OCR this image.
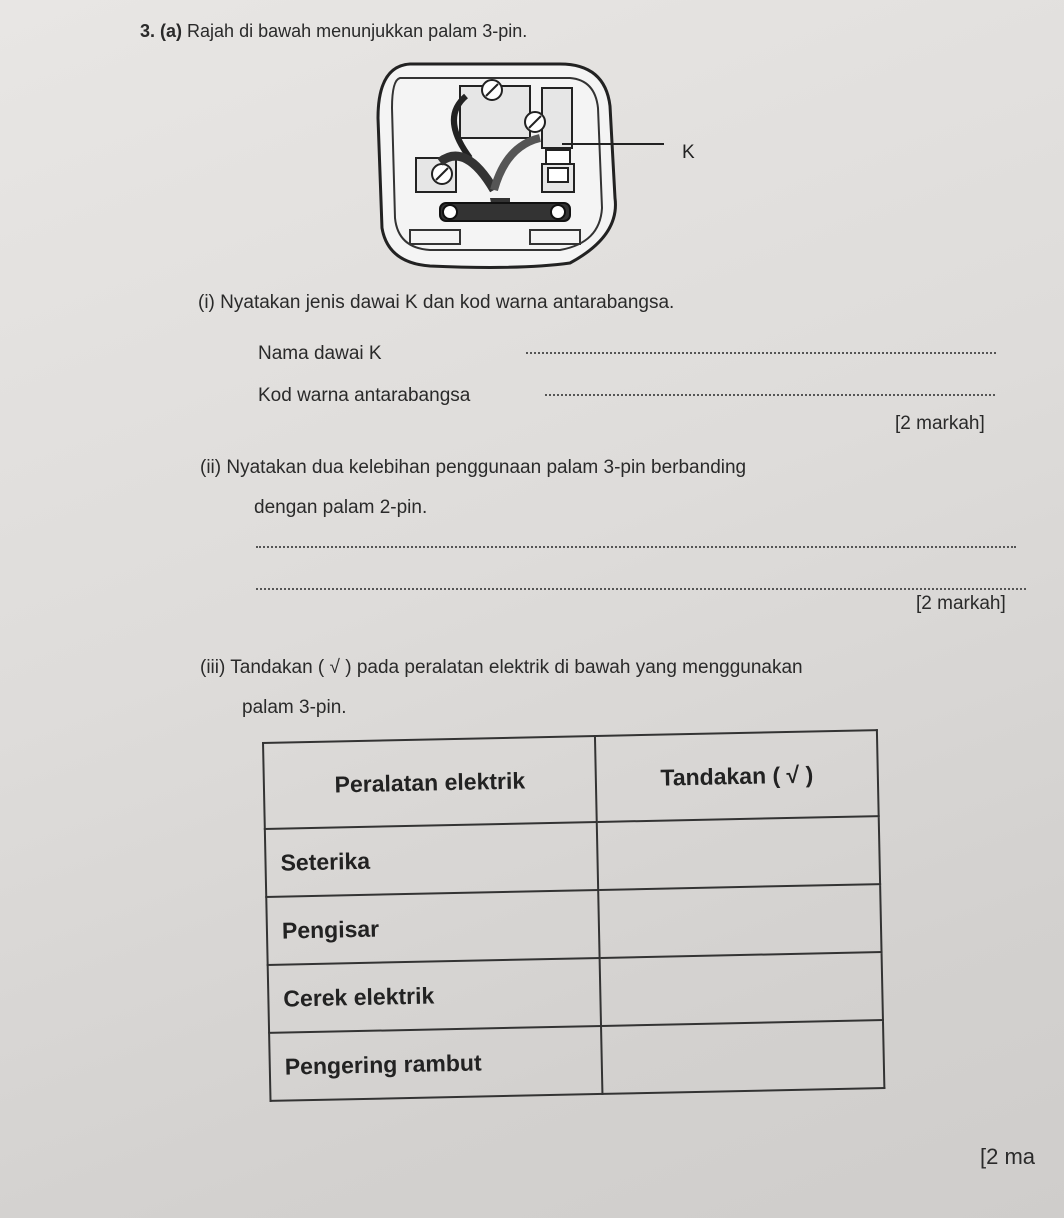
3. (a) Rajah di bawah menunjukkan palam 3-pin.

K

(i) Nyatakan jenis dawai K dan kod warna antarabangsa.

Nama dawai K

Kod warna antarabangsa

[2 markah]

(ii) Nyatakan dua kelebihan penggunaan palam 3-pin berbanding

dengan palam 2-pin.

[2 markah]

(iii) Tandakan ( √ ) pada peralatan elektrik di bawah yang menggunakan

palam 3-pin.

Peralatan elektrik	Tandakan ( √ )
Seterika	
Pengisar	
Cerek elektrik	
Pengering rambut	

[2 ma
